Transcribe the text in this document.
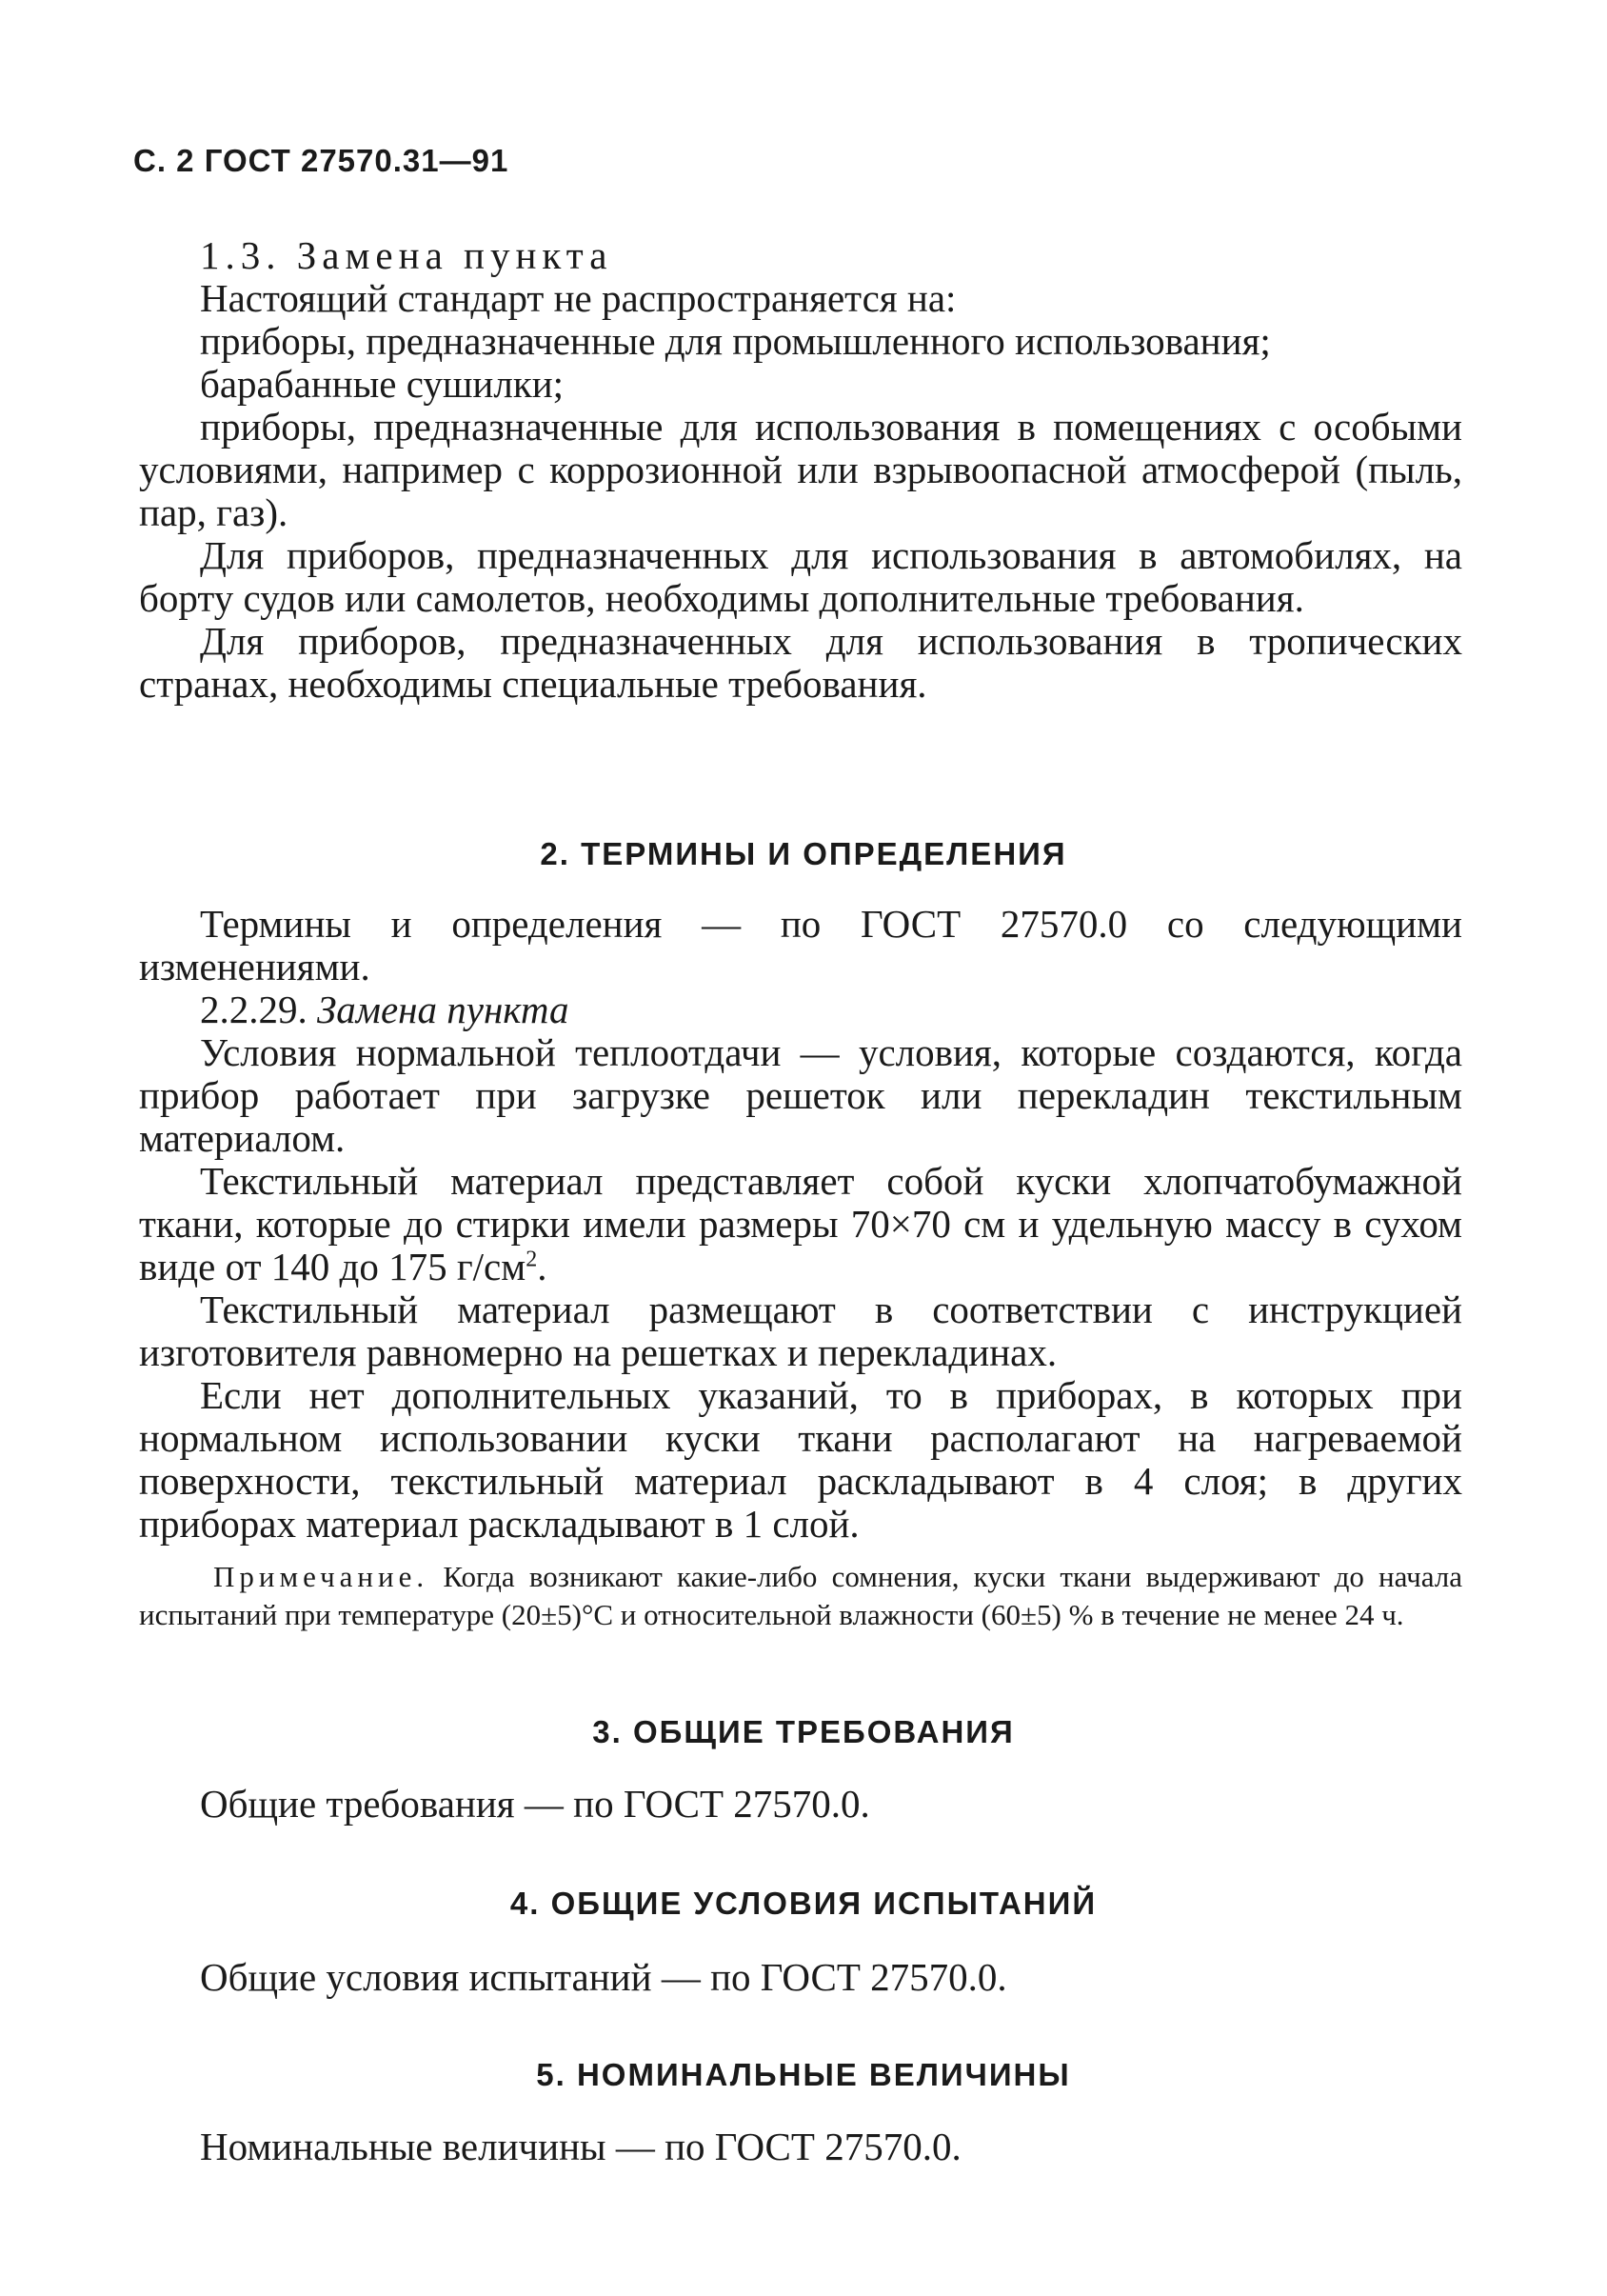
С. 2 ГОСТ 27570.31—91

1.3. Замена пункта

Настоящий стандарт не распространяется на:

приборы, предназначенные для промышленного использования;

барабанные сушилки;

приборы, предназначенные для использования в помещениях с особыми условиями, например с коррозионной или взрывоопасной атмосферой (пыль, пар, газ).

Для приборов, предназначенных для использования в автомобилях, на борту судов или самолетов, необходимы дополнительные требования.

Для приборов, предназначенных для использования в тропических странах, необходимы специальные требования.

2. ТЕРМИНЫ И ОПРЕДЕЛЕНИЯ

Термины и определения — по ГОСТ 27570.0 со следующими изменениями.

2.2.29. Замена пункта

Условия нормальной теплоотдачи — условия, которые создаются, когда прибор работает при загрузке решеток или перекладин текстильным материалом.

Текстильный материал представляет собой куски хлопчатобумажной ткани, которые до стирки имели размеры 70×70 см и удельную массу в сухом виде от 140 до 175 $г/см^2$.

Текстильный материал размещают в соответствии с инструкцией изготовителя равномерно на решетках и перекладинах.

Если нет дополнительных указаний, то в приборах, в которых при нормальном использовании куски ткани располагают на нагреваемой поверхности, текстильный материал раскладывают в 4 слоя; в других приборах материал раскладывают в 1 слой.

Примечание. Когда возникают какие-либо сомнения, куски ткани выдерживают до начала испытаний при температуре (20±5)°С и относительной влажности (60±5) % в течение не менее 24 ч.

3. ОБЩИЕ ТРЕБОВАНИЯ

Общие требования — по ГОСТ 27570.0.

4. ОБЩИЕ УСЛОВИЯ ИСПЫТАНИЙ

Общие условия испытаний — по ГОСТ 27570.0.

5. НОМИНАЛЬНЫЕ ВЕЛИЧИНЫ

Номинальные величины — по ГОСТ 27570.0.
